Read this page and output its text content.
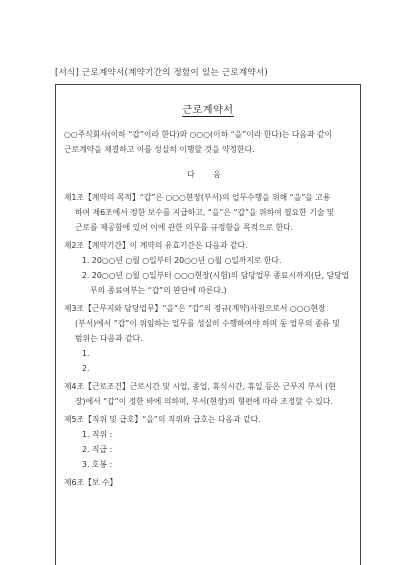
[서식] 근로계약서(계약기간의 정함이 있는 근로계약서)
근로계약서

○○주식회사(이하 “갑”이라 한다)와 ○○○(이하 “을”이라 한다)는 다음과 같이

근로계약을 체결하고 이를 성실히 이행할 것을 약정한다.

다 음

제1조【계약의 목적】“갑”은 ○○○현장(부서)의 업무수행을 위해 “을”을 고용

하여 제6조에서 정한 보수를 지급하고, “을”은 “갑”을 위하여 필요한 기술 및

근로를 제공함에 있어 이에 관한 의무를 규정함을 목적으로 한다.

제2조【계약기간】이 계약의 유효기간은 다음과 같다.

1. 20○○년 ○월 ○일부터 20○○년 ○월 ○일까지로 한다.

2. 20○○년 ○월 ○일부터 ○○○현장(시험)의 담당업무 종료시까지(단, 담당업

무의 종료여부는 “갑”의 판단에 따른다.)

제3조【근무지와 담당업무】“을”은 “갑”의 정규(계약)사원으로서 ○○○현장

(부서)에서 “갑”이 위임하는 업무를 성실히 수행하여야 하며 동 업무의 종류 및

범위는 다음과 같다.

1.

2.

제4조【근로조건】근로시간 및 시업, 종업, 휴식시간, 휴일 등은 근무지 부서 (현

장)에서 “갑”이 정한 바에 의하며, 부서(현장)의 형편에 따라 조정할 수 있다.

제5조【직위 및 급호】“을”의 직위와 급호는 다음과 같다.

1. 직위 :

2. 직급 :

3. 호봉 :

제6조【보 수】
